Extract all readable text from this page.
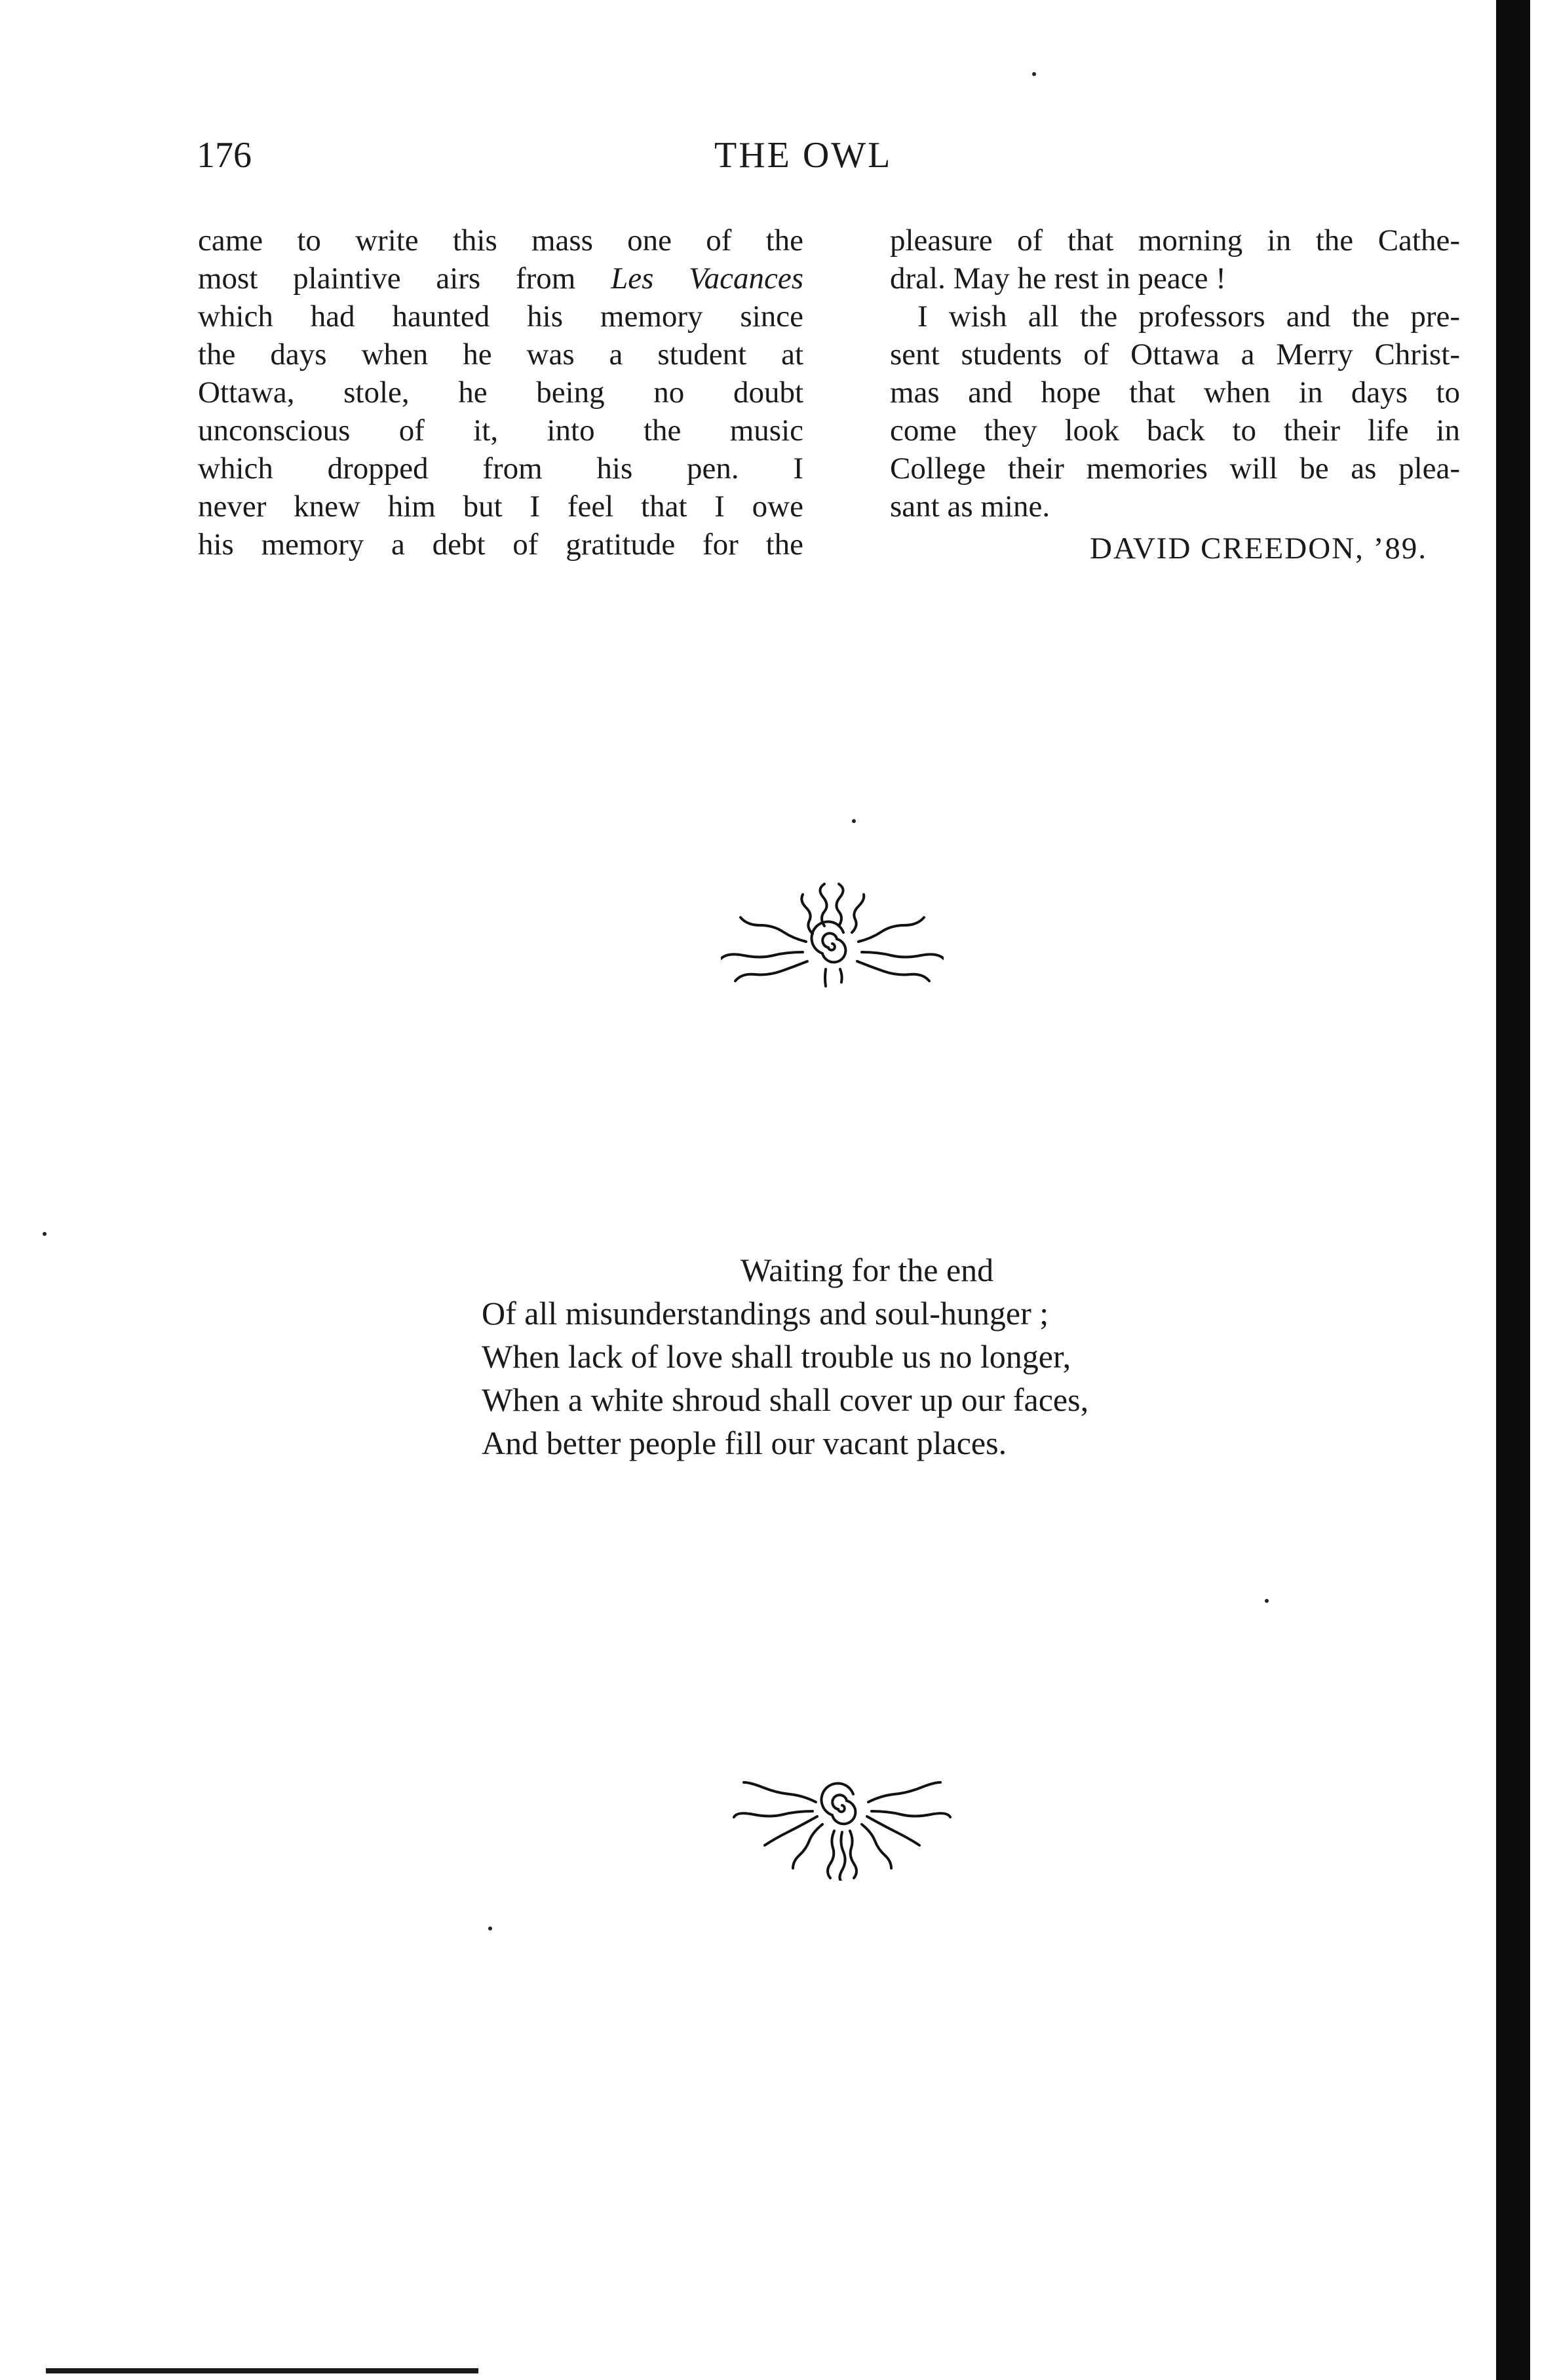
176	THE OWL
came to write this mass one of the
most plaintive airs from Les Vacances
which had haunted his memory since
the days when he was a student at
Ottawa, stole, he being no doubt
unconscious of it, into the music
which dropped from his pen. I
never knew him but I feel that I owe
his memory a debt of gratitude for the
pleasure of that morning in the Cathe-
dral. May he rest in peace !
I wish all the professors and the pre-
sent students of Ottawa a Merry Christ-
mas and hope that when in days to
come they look back to their life in
College their memories will be as plea-
sant as mine.
DAVID CREEDON, ’89.
Waiting for the end
Of all misunderstandings and soul-hunger ;
When lack of love shall trouble us no longer,
When a white shroud shall cover up our faces,
And better people fill our vacant places.
